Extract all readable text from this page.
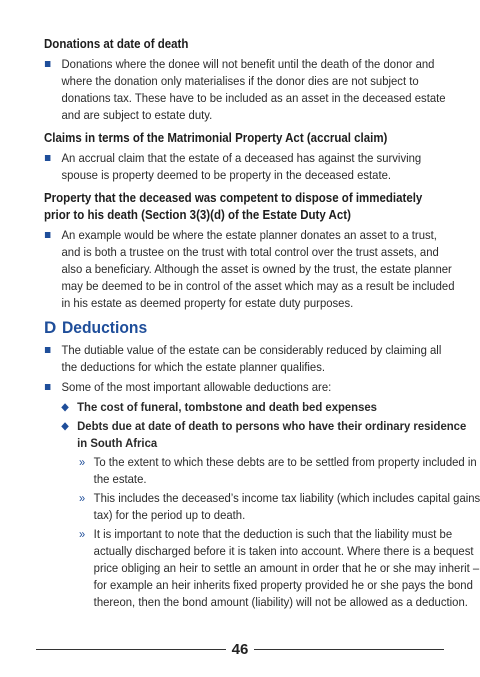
Donations at date of death
Donations where the donee will not benefit until the death of the donor and where the donation only materialises if the donor dies are not subject to donations tax. These have to be included as an asset in the deceased estate and are subject to estate duty.
Claims in terms of the Matrimonial Property Act (accrual claim)
An accrual claim that the estate of a deceased has against the surviving spouse is property deemed to be property in the deceased estate.
Property that the deceased was competent to dispose of immediately prior to his death (Section 3(3)(d) of the Estate Duty Act)
An example would be where the estate planner donates an asset to a trust, and is both a trustee on the trust with total control over the trust assets, and also a beneficiary. Although the asset is owned by the trust, the estate planner may be deemed to be in control of the asset which may as a result be included in his estate as deemed property for estate duty purposes.
D Deductions
The dutiable value of the estate can be considerably reduced by claiming all the deductions for which the estate planner qualifies.
Some of the most important allowable deductions are:
◆ The cost of funeral, tombstone and death bed expenses
◆ Debts due at date of death to persons who have their ordinary residence in South Africa
» To the extent to which these debts are to be settled from property included in the estate.
» This includes the deceased’s income tax liability (which includes capital gains tax) for the period up to death.
» It is important to note that the deduction is such that the liability must be actually discharged before it is taken into account. Where there is a bequest price obliging an heir to settle an amount in order that he or she may inherit – for example an heir inherits fixed property provided he or she pays the bond thereon, then the bond amount (liability) will not be allowed as a deduction.
46
